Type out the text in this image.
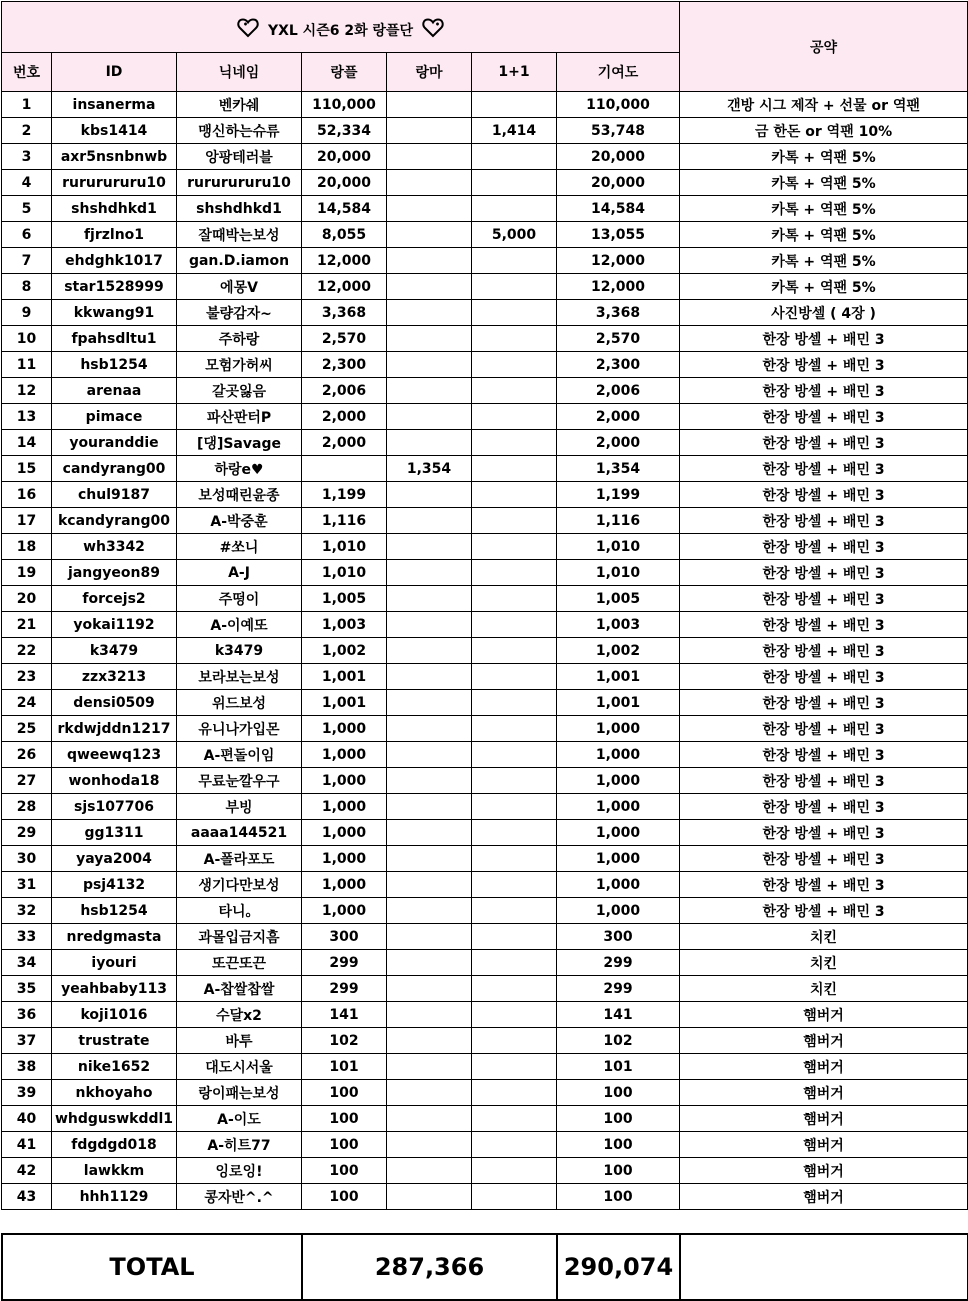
YXL 시즌6 2화 랑플단							공약
번호	ID	닉네임	랑플	랑마	1+1	기여도	
1	insanerma	벤카쉐	110,000			110,000	갠방 시그 제작 + 선물 or 역팬
2	kbs1414	맹신하는슈류	52,334		1,414	53,748	금 한돈 or 역팬 10%
3	axr5nsnbnwb	앙팡테러블	20,000			20,000	카톡 + 역팬 5%
4	rururururu10	rururururu10	20,000			20,000	카톡 + 역팬 5%
5	shshdhkd1	shshdhkd1	14,584			14,584	카톡 + 역팬 5%
6	fjrzlno1	잘때박는보성	8,055		5,000	13,055	카톡 + 역팬 5%
7	ehdghk1017	gan.D.iamon	12,000			12,000	카톡 + 역팬 5%
8	star1528999	에몽V	12,000			12,000	카톡 + 역팬 5%
9	kkwang91	불량감자~	3,368			3,368	사진방셀 ( 4장 )
10	fpahsdltu1	주하랑	2,570			2,570	한장 방셀 + 배민 3
11	hsb1254	모험가허씨	2,300			2,300	한장 방셀 + 배민 3
12	arenaa	갈곳잃음	2,006			2,006	한장 방셀 + 배민 3
13	pimace	파산판터P	2,000			2,000	한장 방셀 + 배민 3
14	youranddie	[댕]Savage	2,000			2,000	한장 방셀 + 배민 3
15	candyrang00	하랑e♥		1,354		1,354	한장 방셀 + 배민 3
16	chul9187	보성때린윤종	1,199			1,199	한장 방셀 + 배민 3
17	kcandyrang00	A-박중훈	1,116			1,116	한장 방셀 + 배민 3
18	wh3342	#쏘니	1,010			1,010	한장 방셀 + 배민 3
19	jangyeon89	A-J	1,010			1,010	한장 방셀 + 배민 3
20	forcejs2	주떵이	1,005			1,005	한장 방셀 + 배민 3
21	yokai1192	A-이예또	1,003			1,003	한장 방셀 + 배민 3
22	k3479	k3479	1,002			1,002	한장 방셀 + 배민 3
23	zzx3213	보라보는보성	1,001			1,001	한장 방셀 + 배민 3
24	densi0509	위드보성	1,001			1,001	한장 방셀 + 배민 3
25	rkdwjddn1217	유니나가입몬	1,000			1,000	한장 방셀 + 배민 3
26	qweewq123	A-편돌이임	1,000			1,000	한장 방셀 + 배민 3
27	wonhoda18	무료눈깔우구	1,000			1,000	한장 방셀 + 배민 3
28	sjs107706	부빙	1,000			1,000	한장 방셀 + 배민 3
29	gg1311	aaaa144521	1,000			1,000	한장 방셀 + 배민 3
30	yaya2004	A-폴라포도	1,000			1,000	한장 방셀 + 배민 3
31	psj4132	생기다만보성	1,000			1,000	한장 방셀 + 배민 3
32	hsb1254	타니。	1,000			1,000	한장 방셀 + 배민 3
33	nredgmasta	과몰입금지흠	300			300	치킨
34	iyouri	또끈또끈	299			299	치킨
35	yeahbaby113	A-찹쌀찹쌀	299			299	치킨
36	koji1016	수달x2	141			141	햄버거
37	trustrate	바투	102			102	햄버거
38	nike1652	대도시서울	101			101	햄버거
39	nkhoyaho	랑이패는보성	100			100	햄버거
40	whdguswkddl1	A-이도	100			100	햄버거
41	fdgdgd018	A-히트77	100			100	햄버거
42	lawkkm	잉로잉!	100			100	햄버거
43	hhh1129	콩자반^.^	100			100	햄버거
TOTAL	287,366	290,074	
